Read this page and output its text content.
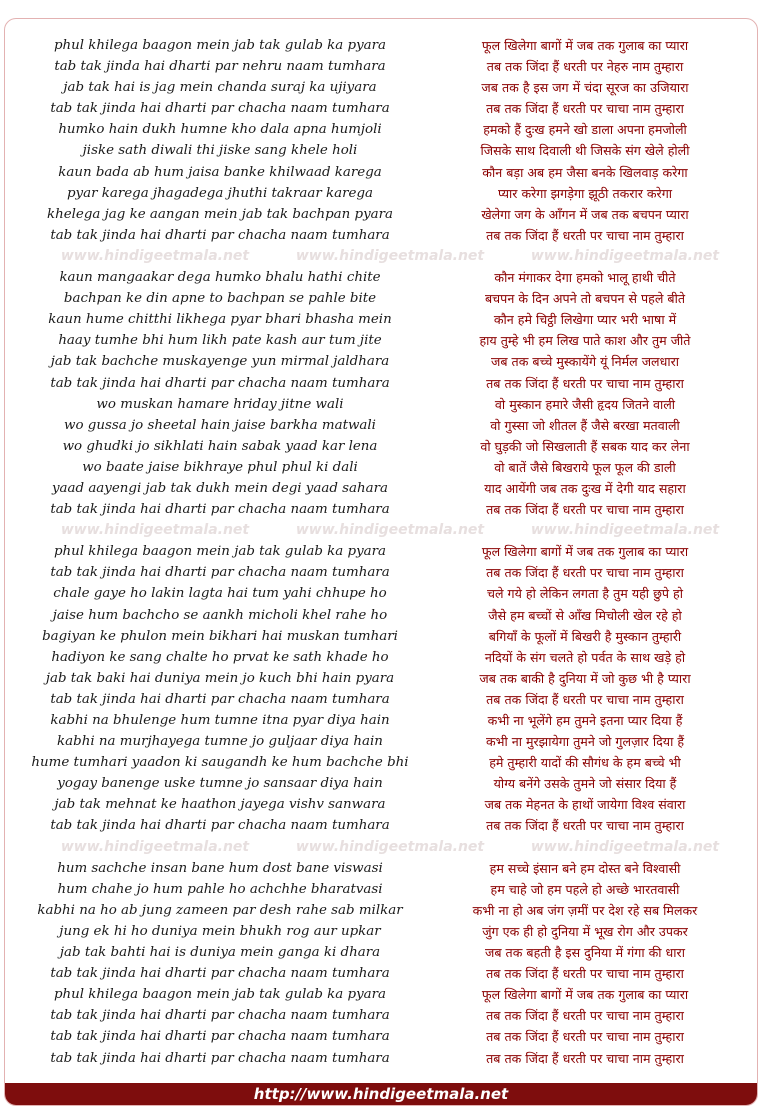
phul khilega baagon mein jab tak gulab ka pyara	फूल खिलेगा बागों में जब तक गुलाब का प्यारा
tab tak jinda hai dharti par nehru naam tumhara	तब तक जिंदा हैं धरती पर नेहरु नाम तुम्हारा
jab tak hai is jag mein chanda suraj ka ujiyara	जब तक है इस जग में चंदा सूरज का उजियारा
tab tak jinda hai dharti par chacha naam tumhara	तब तक जिंदा हैं धरती पर चाचा नाम तुम्हारा
humko hain dukh humne kho dala apna humjoli	हमको हैं दुःख हमने खो डाला अपना हमजोली
jiske sath diwali thi jiske sang khele holi	जिसके साथ दिवाली थी जिसके संग खेले होली
kaun bada ab hum jaisa banke khilwaad karega	कौन बड़ा अब हम जैसा बनके खिलवाड़ करेगा
pyar karega jhagadega jhuthi takraar karega	प्यार करेगा झगड़ेगा झूठी तकरार करेगा
khelega jag ke aangan mein jab tak bachpan pyara	खेलेगा जग के आँगन में जब तक बचपन प्यारा
tab tak jinda hai dharti par chacha naam tumhara	तब तक जिंदा हैं धरती पर चाचा नाम तुम्हारा
www.hindigeetmala.net	www.hindigeetmala.net	www.hindigeetmala.net
kaun mangaakar dega humko bhalu hathi chite	कौन मंगाकर देगा हमको भालू हाथी चीते
bachpan ke din apne to bachpan se pahle bite	बचपन के दिन अपने तो बचपन से पहले बीते
kaun hume chitthi likhega pyar bhari bhasha mein	कौन हमे चिट्ठी लिखेगा प्यार भरी भाषा में
haay tumhe bhi hum likh pate kash aur tum jite	हाय तुम्हे भी हम लिख पाते काश और तुम जीते
jab tak bachche muskayenge yun mirmal jaldhara	जब तक बच्चे मुस्कायेंगे यूं निर्मल जलधारा
tab tak jinda hai dharti par chacha naam tumhara	तब तक जिंदा हैं धरती पर चाचा नाम तुम्हारा
wo muskan hamare hriday jitne wali	वो मुस्कान हमारे जैसी हृदय जितने वाली
wo gussa jo sheetal hain jaise barkha matwali	वो गुस्सा जो शीतल हैं जैसे बरखा मतवाली
wo ghudki jo sikhlati hain sabak yaad kar lena	वो घुड़की जो सिखलाती हैं सबक याद कर लेना
wo baate jaise bikhraye phul phul ki dali	वो बातें जैसे बिखराये फूल फूल की डाली
yaad aayengi jab tak dukh mein degi yaad sahara	याद आयेंगी जब तक दुःख में देगी याद सहारा
tab tak jinda hai dharti par chacha naam tumhara	तब तक जिंदा हैं धरती पर चाचा नाम तुम्हारा
www.hindigeetmala.net	www.hindigeetmala.net	www.hindigeetmala.net
phul khilega baagon mein jab tak gulab ka pyara	फूल खिलेगा बागों में जब तक गुलाब का प्यारा
tab tak jinda hai dharti par chacha naam tumhara	तब तक जिंदा हैं धरती पर चाचा नाम तुम्हारा
chale gaye ho lakin lagta hai tum yahi chhupe ho	चले गये हो लेकिन लगता है तुम यही छुपे हो
jaise hum bachcho se aankh micholi khel rahe ho	जैसे हम बच्चों से आँख मिचोली खेल रहे हो
bagiyan ke phulon mein bikhari hai muskan tumhari	बगियाँ के फूलों में बिखरी है मुस्कान तुम्हारी
hadiyon ke sang chalte ho prvat ke sath khade ho	नदियों के संग चलते हो पर्वत के साथ खड़े हो
jab tak baki hai duniya mein jo kuch bhi hain pyara	जब तक बाकी है दुनिया में जो कुछ भी है प्यारा
tab tak jinda hai dharti par chacha naam tumhara	तब तक जिंदा हैं धरती पर चाचा नाम तुम्हारा
kabhi na bhulenge hum tumne itna pyar diya hain	कभी ना भूलेंगे हम तुमने इतना प्यार दिया हैं
kabhi na murjhayega tumne jo guljaar diya hain	कभी ना मुरझायेगा तुमने जो गुलज़ार दिया हैं
hume tumhari yaadon ki saugandh ke hum bachche bhi	हमे तुम्हारी यादों की सौगंध के हम बच्चे भी
yogay banenge uske tumne jo sansaar diya hain	योग्य बनेंगे उसके तुमने जो संसार दिया हैं
jab tak mehnat ke haathon jayega vishv sanwara	जब तक मेहनत के हाथों जायेगा विश्व संवारा
tab tak jinda hai dharti par chacha naam tumhara	तब तक जिंदा हैं धरती पर चाचा नाम तुम्हारा
www.hindigeetmala.net	www.hindigeetmala.net	www.hindigeetmala.net
hum sachche insan bane hum dost bane viswasi	हम सच्चे इंसान बने हम दोस्त बने विश्वासी
hum chahe jo hum pahle ho achchhe bharatvasi	हम चाहे जो हम पहले हो अच्छे भारतवासी
kabhi na ho ab jung zameen par desh rahe sab milkar	कभी ना हो अब जंग ज़मीं पर देश रहे सब मिलकर
jung ek hi ho duniya mein bhukh rog aur upkar	जुंग एक ही हो दुनिया में भूख रोग और उपकर
jab tak bahti hai is duniya mein ganga ki dhara	जब तक बहती है इस दुनिया में गंगा की धारा
tab tak jinda hai dharti par chacha naam tumhara	तब तक जिंदा हैं धरती पर चाचा नाम तुम्हारा
phul khilega baagon mein jab tak gulab ka pyara	फूल खिलेगा बागों में जब तक गुलाब का प्यारा
tab tak jinda hai dharti par chacha naam tumhara	तब तक जिंदा हैं धरती पर चाचा नाम तुम्हारा
tab tak jinda hai dharti par chacha naam tumhara	तब तक जिंदा हैं धरती पर चाचा नाम तुम्हारा
tab tak jinda hai dharti par chacha naam tumhara	तब तक जिंदा हैं धरती पर चाचा नाम तुम्हारा
http://www.hindigeetmala.net
